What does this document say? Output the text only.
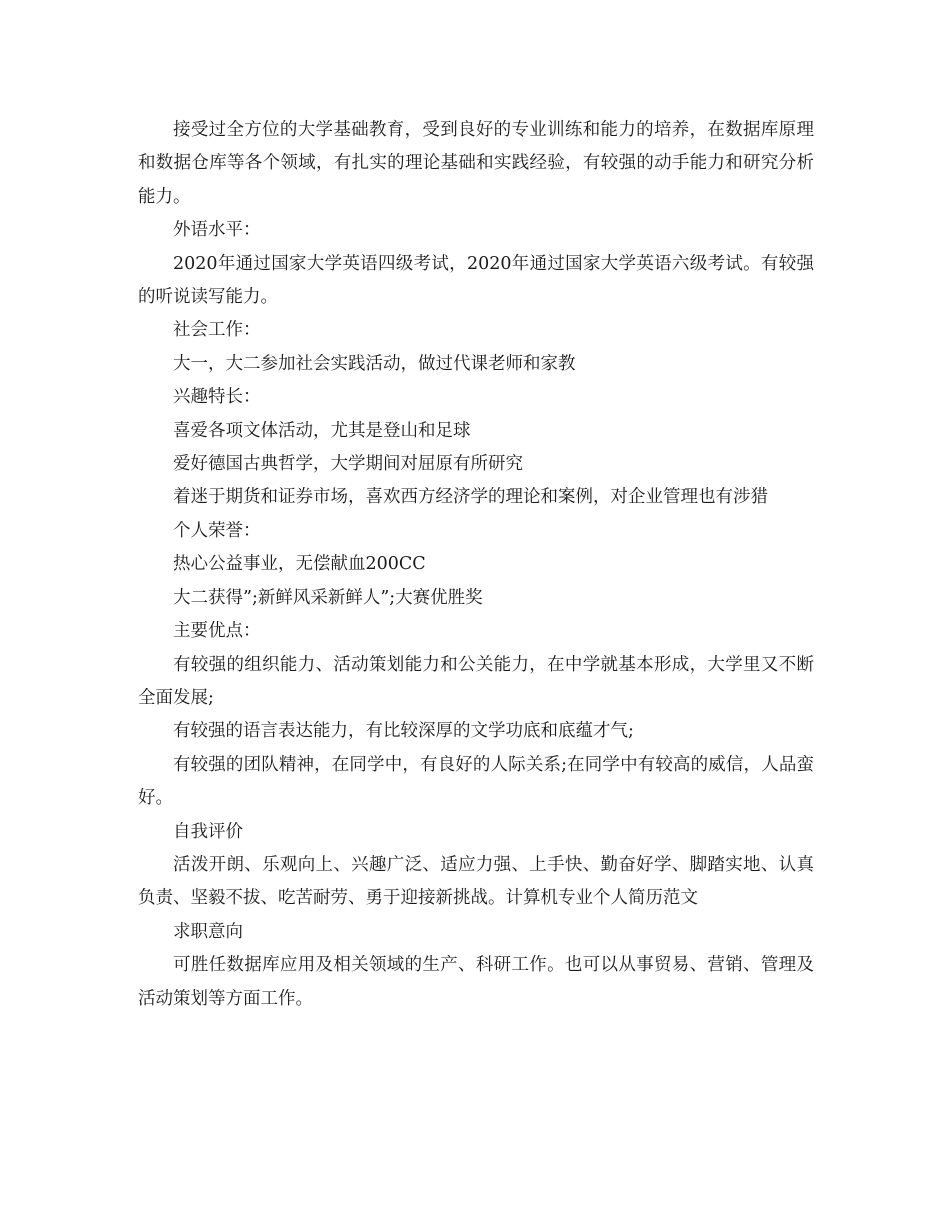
接受过全方位的大学基础教育，受到良好的专业训练和能力的培养，在数据库原理和数据仓库等各个领域，有扎实的理论基础和实践经验，有较强的动手能力和研究分析能力。

外语水平：

2020年通过国家大学英语四级考试，2020年通过国家大学英语六级考试。有较强的听说读写能力。

社会工作：

大一，大二参加社会实践活动，做过代课老师和家教

兴趣特长：

喜爱各项文体活动，尤其是登山和足球

爱好德国古典哲学，大学期间对屈原有所研究

着迷于期货和证券市场，喜欢西方经济学的理论和案例，对企业管理也有涉猎

个人荣誉：

热心公益事业，无偿献血200CC

大二获得”;新鲜风采新鲜人”;大赛优胜奖

主要优点：

有较强的组织能力、活动策划能力和公关能力，在中学就基本形成，大学里又不断全面发展;

有较强的语言表达能力，有比较深厚的文学功底和底蕴才气;

有较强的团队精神，在同学中，有良好的人际关系;在同学中有较高的威信，人品蛮好。

自我评价

活泼开朗、乐观向上、兴趣广泛、适应力强、上手快、勤奋好学、脚踏实地、认真负责、坚毅不拔、吃苦耐劳、勇于迎接新挑战。计算机专业个人简历范文

求职意向

可胜任数据库应用及相关领域的生产、科研工作。也可以从事贸易、营销、管理及活动策划等方面工作。
